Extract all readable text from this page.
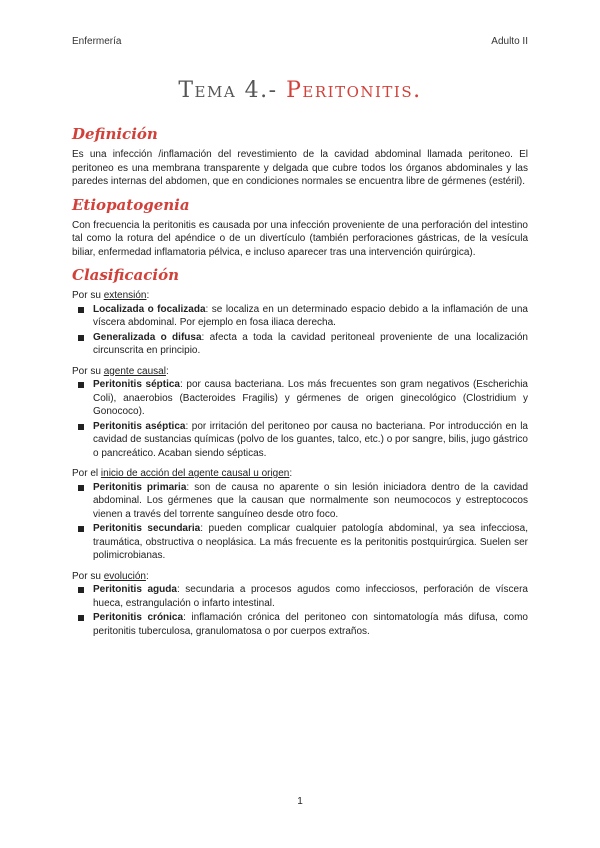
Enfermería	Adulto II
Tema 4.- Peritonitis.
Definición

Es una infección /inflamación del revestimiento de la cavidad abdominal llamada peritoneo. El peritoneo es una membrana transparente y delgada que cubre todos los órganos abdominales y las paredes internas del abdomen, que en condiciones normales se encuentra libre de gérmenes (estéril).

Etiopatogenia

Con frecuencia la peritonitis es causada por una infección proveniente de una perforación del intestino tal como la rotura del apéndice o de un divertículo (también perforaciones gástricas, de la vesícula biliar, enfermedad inflamatoria pélvica, e incluso aparecer tras una intervención quirúrgica).

Clasificación

Por su extensión:

Localizada o focalizada: se localiza en un determinado espacio debido a la inflamación de una víscera abdominal. Por ejemplo en fosa iliaca derecha.
Generalizada o difusa: afecta a toda la cavidad peritoneal proveniente de una localización circunscrita en principio.

Por su agente causal:

Peritonitis séptica: por causa bacteriana. Los más frecuentes son gram negativos (Escherichia Coli), anaerobios (Bacteroides Fragilis) y gérmenes de origen ginecológico (Clostridium y Gonococo).
Peritonitis aséptica: por irritación del peritoneo por causa no bacteriana. Por introducción en la cavidad de sustancias químicas (polvo de los guantes, talco, etc.) o por sangre, bilis, jugo gástrico o pancreático. Acaban siendo sépticas.

Por el inicio de acción del agente causal u origen:

Peritonitis primaria: son de causa no aparente o sin lesión iniciadora dentro de la cavidad abdominal. Los gérmenes que la causan que normalmente son neumococos y estreptococos vienen a través del torrente sanguíneo desde otro foco.
Peritonitis secundaria: pueden complicar cualquier patología abdominal, ya sea infecciosa, traumática, obstructiva o neoplásica. La más frecuente es la peritonitis postquirúrgica. Suelen ser polimicrobianas.

Por su evolución:

Peritonitis aguda: secundaria a procesos agudos como infecciosos, perforación de víscera hueca, estrangulación o infarto intestinal.
Peritonitis crónica: inflamación crónica del peritoneo con sintomatología más difusa, como peritonitis tuberculosa, granulomatosa o por cuerpos extraños.
1
